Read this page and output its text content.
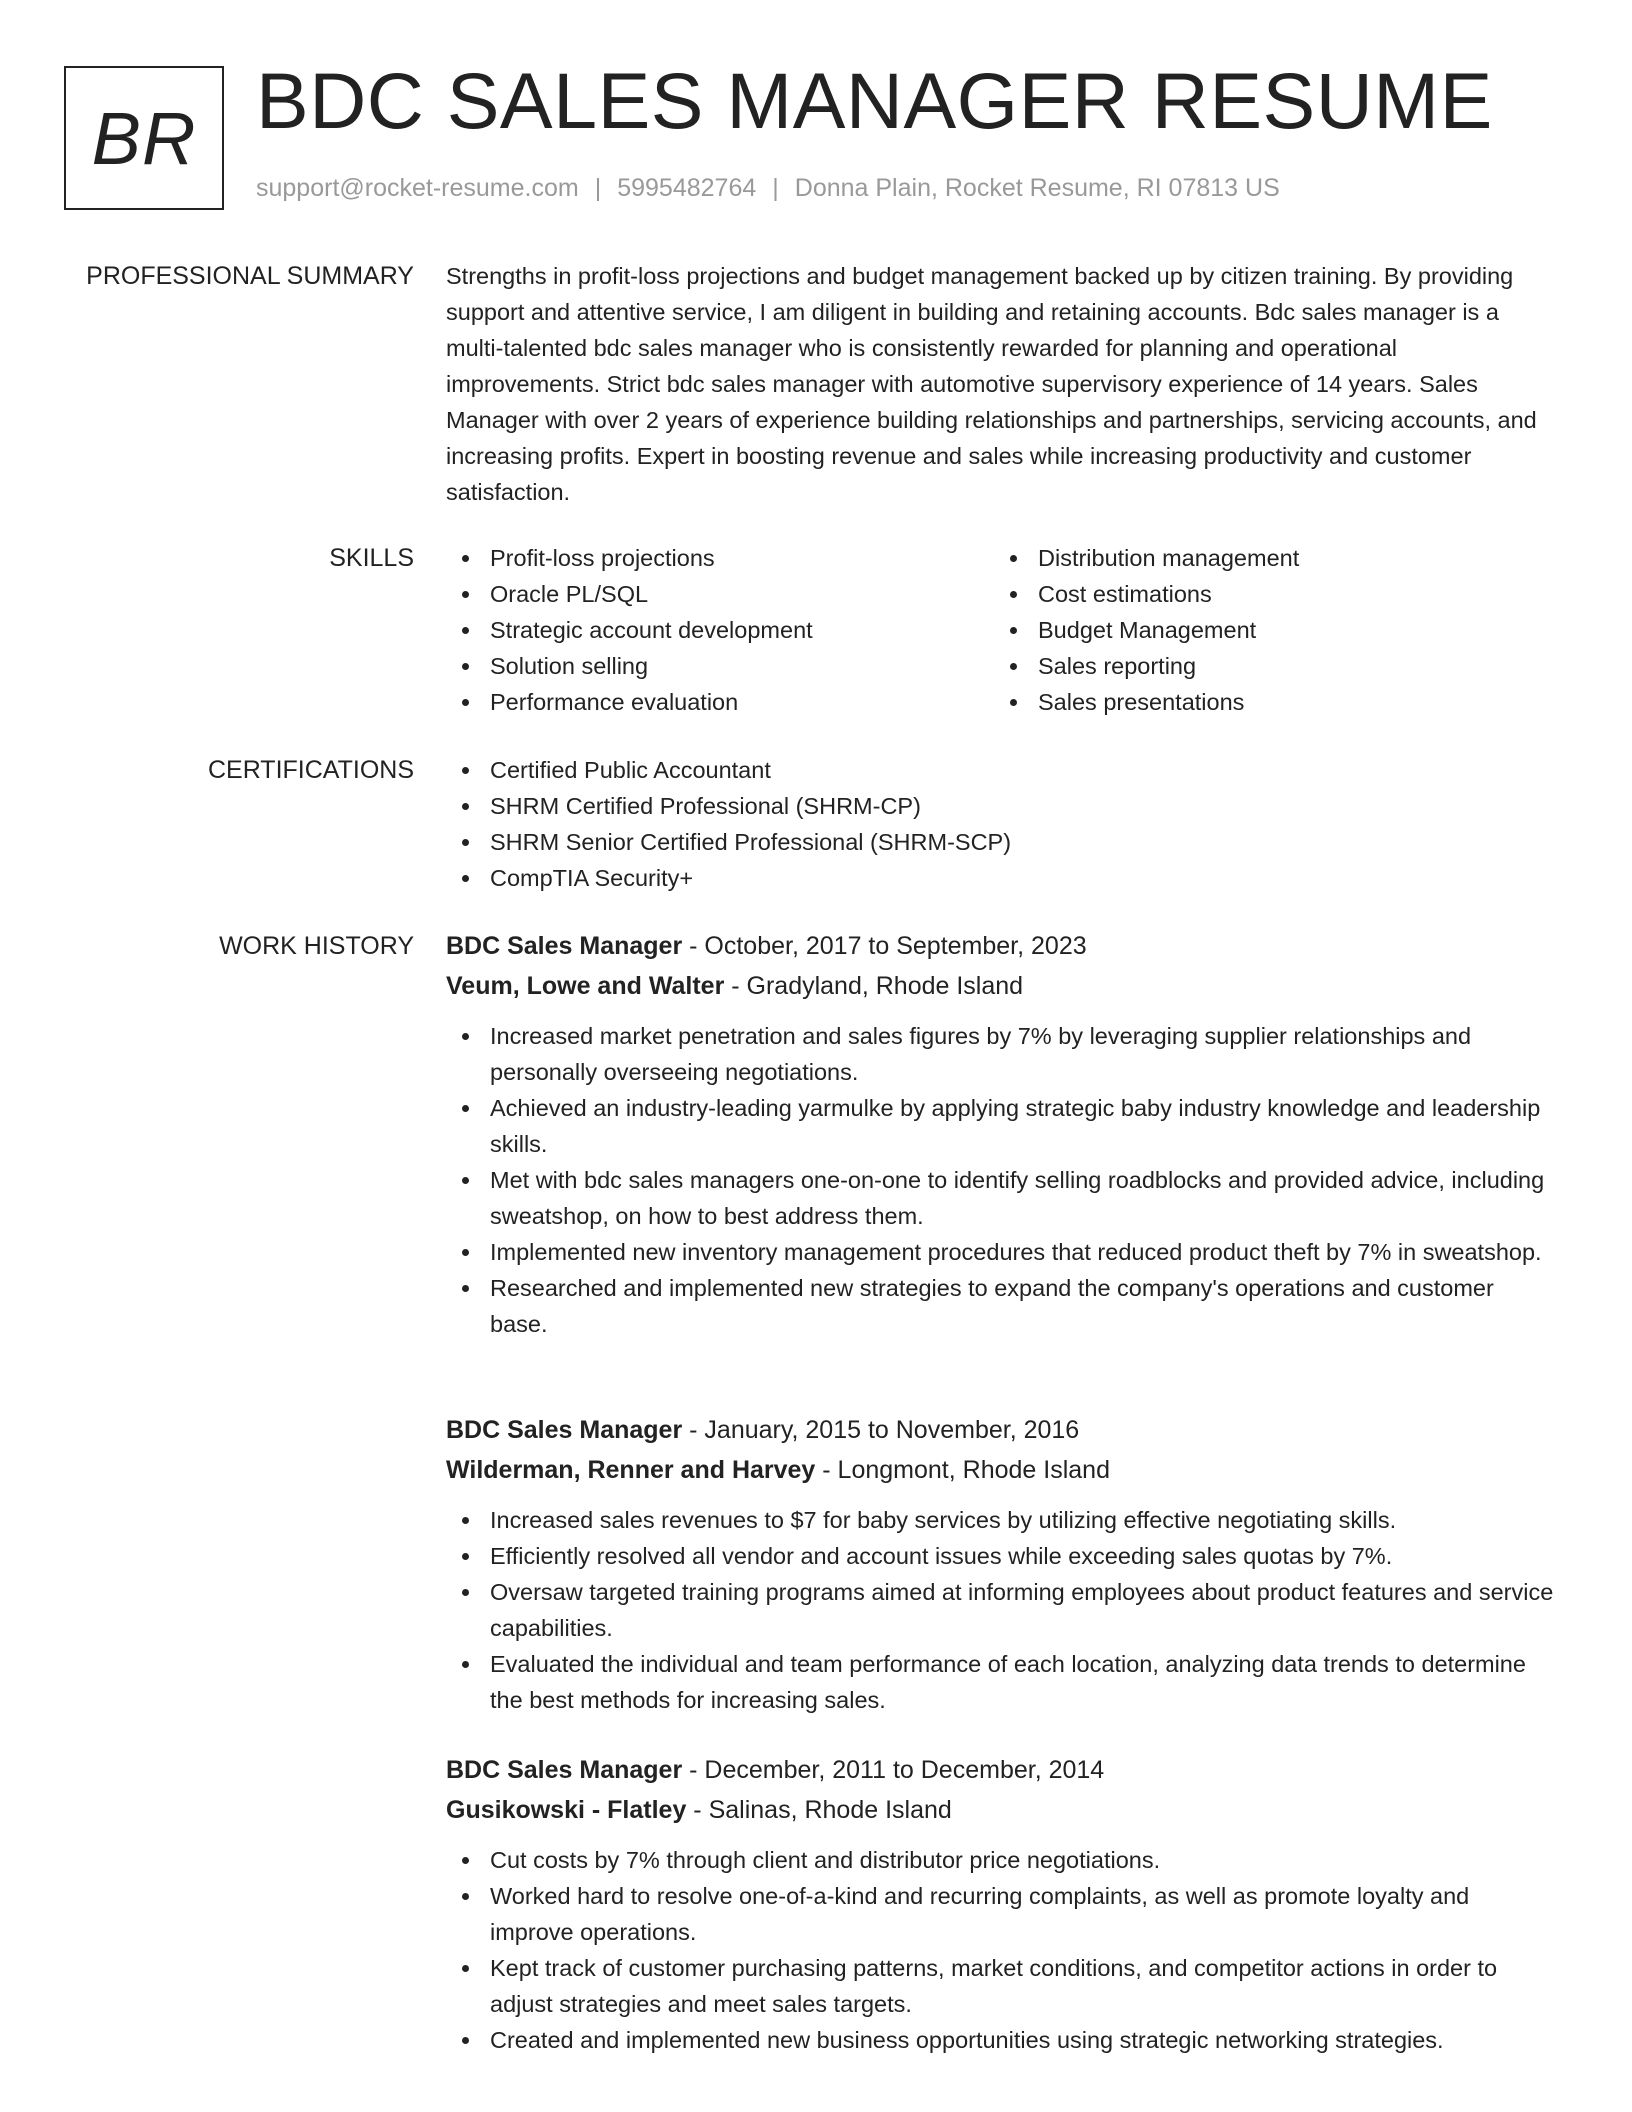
BR BDC SALES MANAGER RESUME
support@rocket-resume.com | 5995482764 | Donna Plain, Rocket Resume, RI 07813 US
PROFESSIONAL SUMMARY Strengths in profit-loss projections and budget management backed up by citizen training. By providing support and attentive service, I am diligent in building and retaining accounts. Bdc sales manager is a multi-talented bdc sales manager who is consistently rewarded for planning and operational improvements. Strict bdc sales manager with automotive supervisory experience of 14 years. Sales Manager with over 2 years of experience building relationships and partnerships, servicing accounts, and increasing profits. Expert in boosting revenue and sales while increasing productivity and customer satisfaction.

SKILLS	Profit-loss projections
Oracle PL/SQL
Strategic account development
Solution selling
Performance evaluation
Distribution management
Cost estimations
Budget Management
Sales reporting
Sales presentations
CERTIFICATIONS	Certified Public Accountant
SHRM Certified Professional (SHRM-CP)
SHRM Senior Certified Professional (SHRM-SCP)
CompTIA Security+
WORK HISTORY BDC Sales Manager - October, 2017 to September, 2023
Veum, Lowe and Walter - Gradyland, Rhode Island
Increased market penetration and sales figures by 7% by leveraging supplier relationships and personally overseeing negotiations.
Achieved an industry-leading yarmulke by applying strategic baby industry knowledge and leadership skills.
Met with bdc sales managers one-on-one to identify selling roadblocks and provided advice, including sweatshop, on how to best address them.
Implemented new inventory management procedures that reduced product theft by 7% in sweatshop.
Researched and implemented new strategies to expand the company's operations and customer base.
BDC Sales Manager - January, 2015 to November, 2016
Wilderman, Renner and Harvey - Longmont, Rhode Island
Increased sales revenues to $7 for baby services by utilizing effective negotiating skills.
Efficiently resolved all vendor and account issues while exceeding sales quotas by 7%.
Oversaw targeted training programs aimed at informing employees about product features and service capabilities.
Evaluated the individual and team performance of each location, analyzing data trends to determine the best methods for increasing sales.
BDC Sales Manager - December, 2011 to December, 2014
Gusikowski - Flatley - Salinas, Rhode Island
Cut costs by 7% through client and distributor price negotiations.
Worked hard to resolve one-of-a-kind and recurring complaints, as well as promote loyalty and improve operations.
Kept track of customer purchasing patterns, market conditions, and competitor actions in order to adjust strategies and meet sales targets.
Created and implemented new business opportunities using strategic networking strategies.
